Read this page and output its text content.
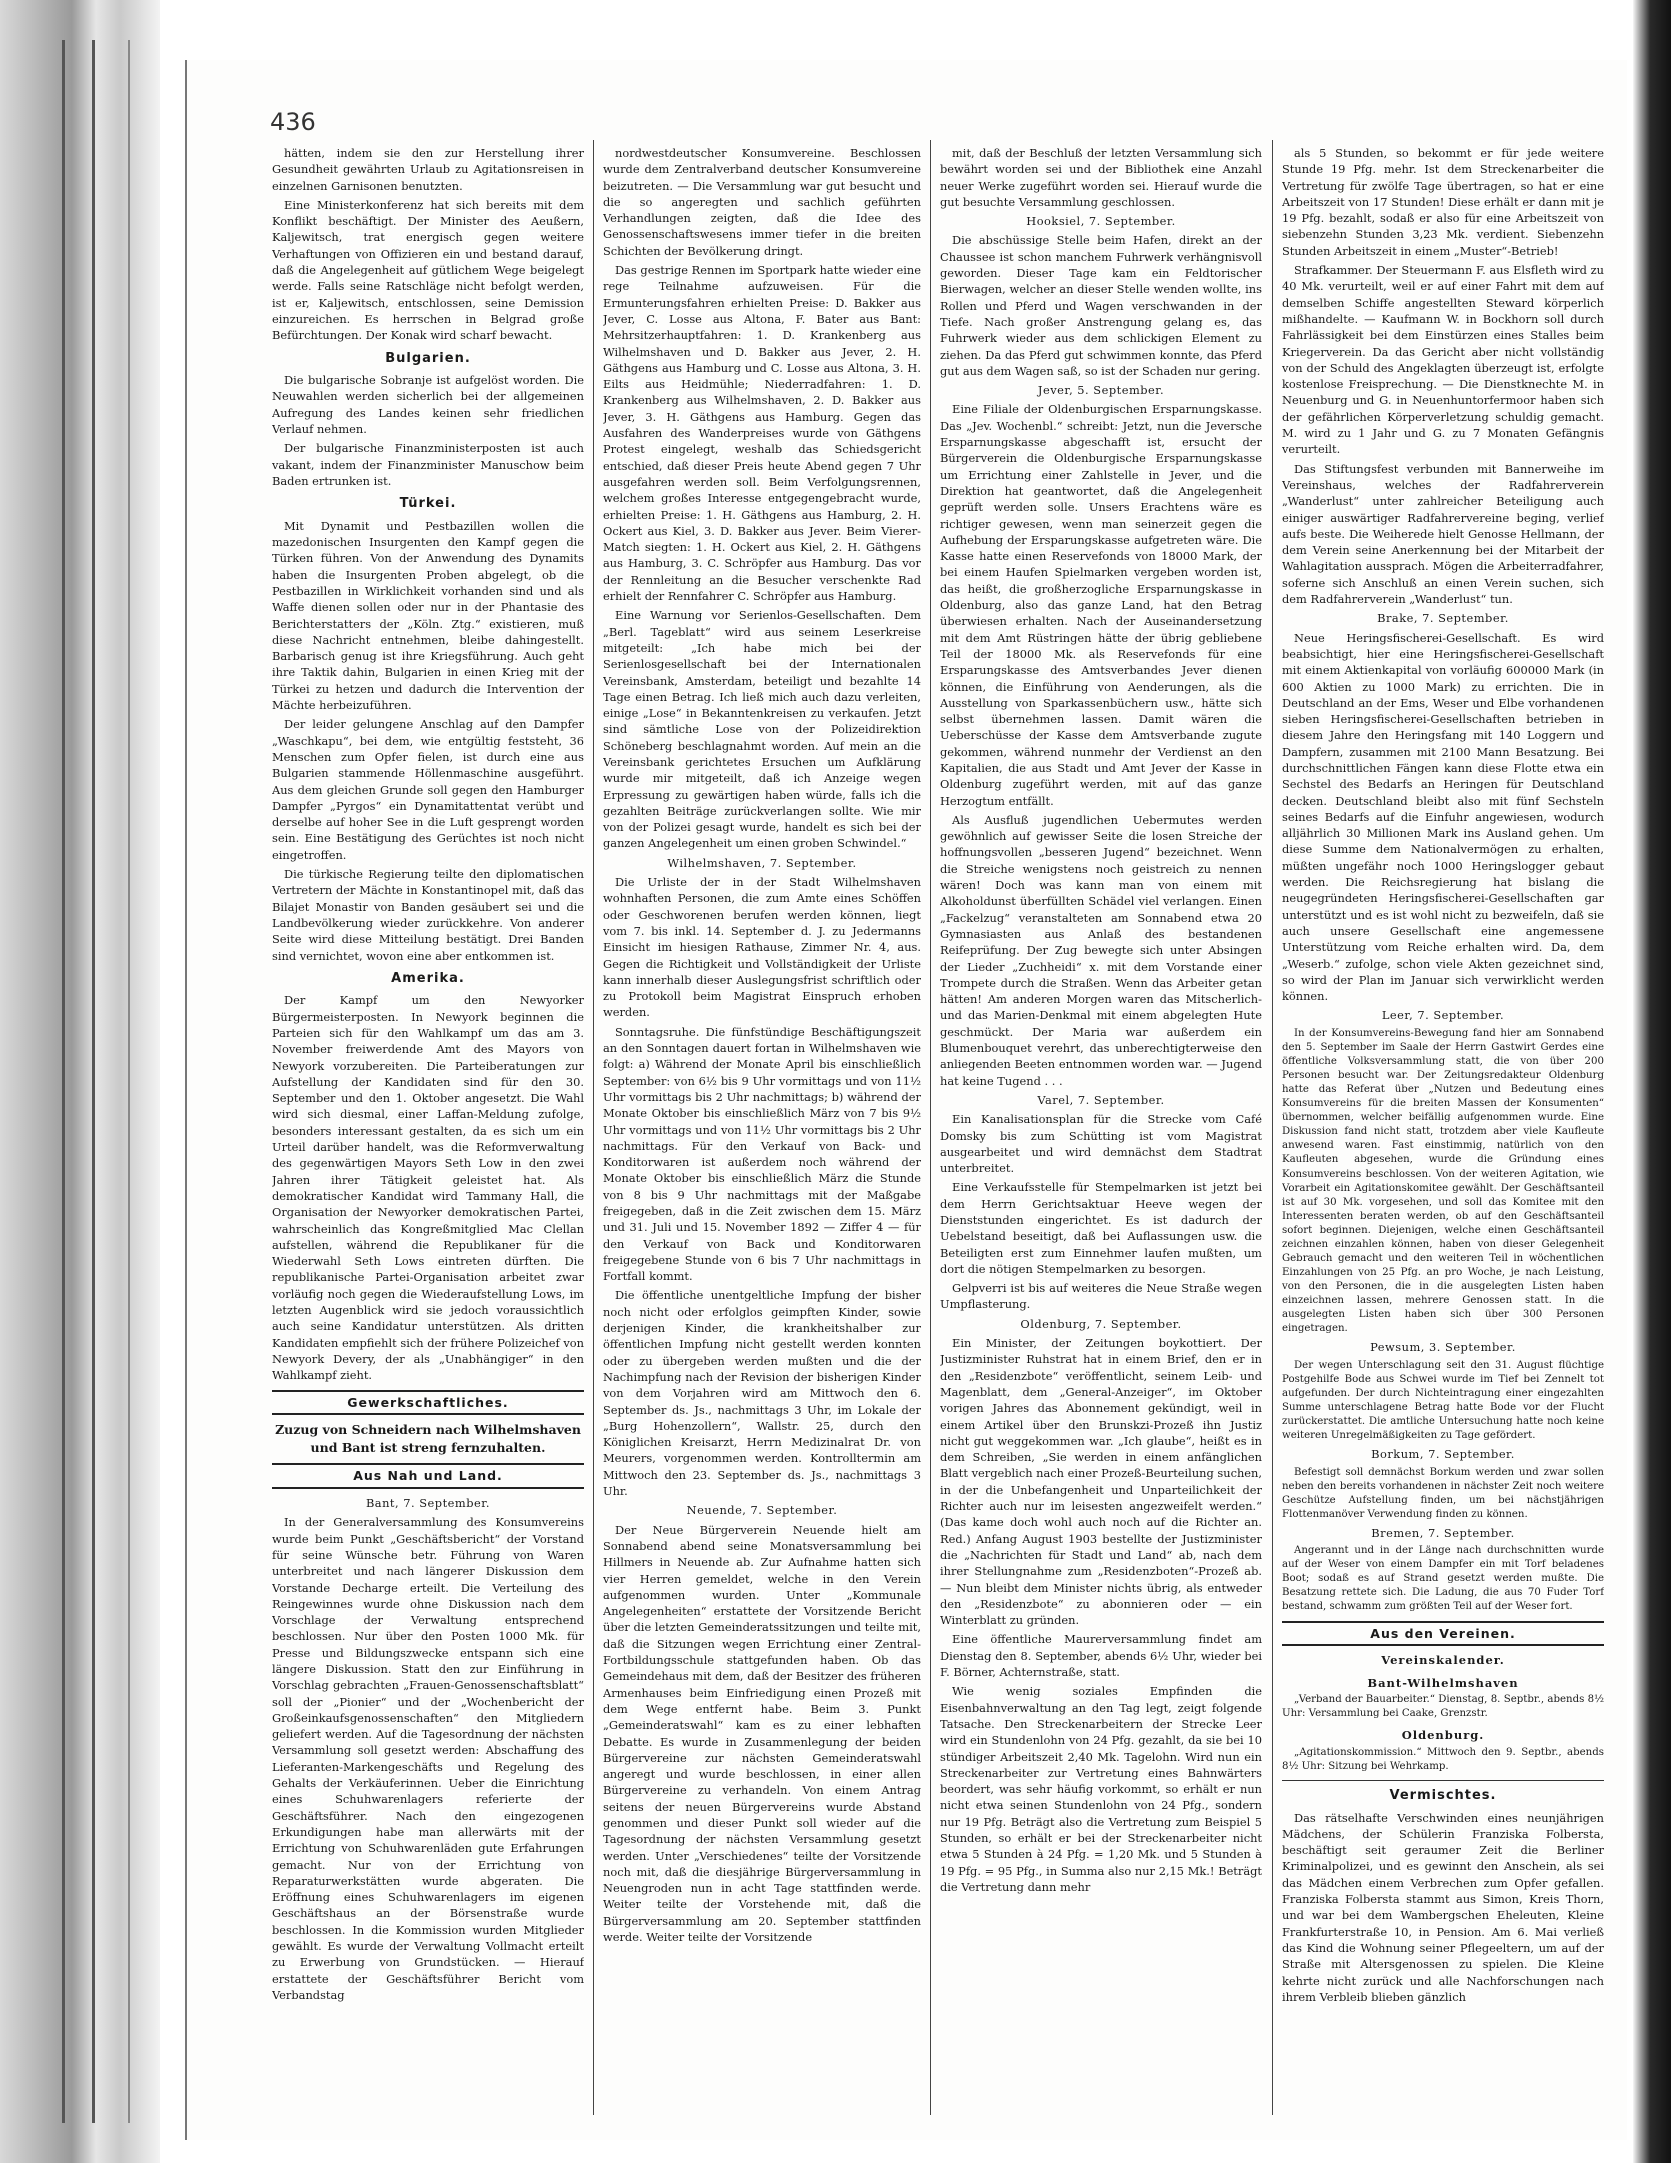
436

hätten, indem sie den zur Herstellung ihrer Gesundheit gewährten Urlaub zu Agitationsreisen in einzelnen Garnisonen benutzten.

Eine Ministerkonferenz hat sich bereits mit dem Konflikt beschäftigt. Der Minister des Aeußern, Kaljewitsch, trat energisch gegen weitere Verhaftungen von Offizieren ein und bestand darauf, daß die Angelegenheit auf gütlichem Wege beigelegt werde. Falls seine Ratschläge nicht befolgt werden, ist er, Kaljewitsch, entschlossen, seine Demission einzureichen. Es herrschen in Belgrad große Befürchtungen. Der Konak wird scharf bewacht.

Bulgarien.

Die bulgarische Sobranje ist aufgelöst worden. Die Neuwahlen werden sicherlich bei der allgemeinen Aufregung des Landes keinen sehr friedlichen Verlauf nehmen.

Der bulgarische Finanzministerposten ist auch vakant, indem der Finanzminister Manuschow beim Baden ertrunken ist.

Türkei.

Mit Dynamit und Pestbazillen wollen die mazedonischen Insurgenten den Kampf gegen die Türken führen. Von der Anwendung des Dynamits haben die Insurgenten Proben abgelegt, ob die Pestbazillen in Wirklichkeit vorhanden sind und als Waffe dienen sollen oder nur in der Phantasie des Berichterstatters der „Köln. Ztg.“ existieren, muß diese Nachricht entnehmen, bleibe dahingestellt. Barbarisch genug ist ihre Kriegsführung. Auch geht ihre Taktik dahin, Bulgarien in einen Krieg mit der Türkei zu hetzen und dadurch die Intervention der Mächte herbeizuführen.

Der leider gelungene Anschlag auf den Dampfer „Waschkapu“, bei dem, wie entgültig feststeht, 36 Menschen zum Opfer fielen, ist durch eine aus Bulgarien stammende Höllenmaschine ausgeführt. Aus dem gleichen Grunde soll gegen den Hamburger Dampfer „Pyrgos“ ein Dynamitattentat verübt und derselbe auf hoher See in die Luft gesprengt worden sein. Eine Bestätigung des Gerüchtes ist noch nicht eingetroffen.

Die türkische Regierung teilte den diplomatischen Vertretern der Mächte in Konstantinopel mit, daß das Bilajet Monastir von Banden gesäubert sei und die Landbevölkerung wieder zurückkehre. Von anderer Seite wird diese Mitteilung bestätigt. Drei Banden sind vernichtet, wovon eine aber entkommen ist.

Amerika.

Der Kampf um den Newyorker Bürgermeisterposten. In Newyork beginnen die Parteien sich für den Wahlkampf um das am 3. November freiwerdende Amt des Mayors von Newyork vorzubereiten. Die Parteiberatungen zur Aufstellung der Kandidaten sind für den 30. September und den 1. Oktober angesetzt. Die Wahl wird sich diesmal, einer Laffan-Meldung zufolge, besonders interessant gestalten, da es sich um ein Urteil darüber handelt, was die Reformverwaltung des gegenwärtigen Mayors Seth Low in den zwei Jahren ihrer Tätigkeit geleistet hat. Als demokratischer Kandidat wird Tammany Hall, die Organisation der Newyorker demokratischen Partei, wahrscheinlich das Kongreßmitglied Mac Clellan aufstellen, während die Republikaner für die Wiederwahl Seth Lows eintreten dürften. Die republikanische Partei-Organisation arbeitet zwar vorläufig noch gegen die Wiederaufstellung Lows, im letzten Augenblick wird sie jedoch voraussichtlich auch seine Kandidatur unterstützen. Als dritten Kandidaten empfiehlt sich der frühere Polizeichef von Newyork Devery, der als „Unabhängiger“ in den Wahlkampf zieht.

Gewerkschaftliches.

Zuzug von Schneidern nach Wilhelmshaven und Bant ist streng fernzuhalten.

Aus Nah und Land.

Bant, 7. September.

In der Generalversammlung des Konsumvereins wurde beim Punkt „Geschäftsbericht“ der Vorstand für seine Wünsche betr. Führung von Waren unterbreitet und nach längerer Diskussion dem Vorstande Decharge erteilt. Die Verteilung des Reingewinnes wurde ohne Diskussion nach dem Vorschlage der Verwaltung entsprechend beschlossen. Nur über den Posten 1000 Mk. für Presse und Bildungszwecke entspann sich eine längere Diskussion. Statt den zur Einführung in Vorschlag gebrachten „Frauen-Genossenschaftsblatt“ soll der „Pionier“ und der „Wochenbericht der Großeinkaufsgenossenschaften“ den Mitgliedern geliefert werden. Auf die Tagesordnung der nächsten Versammlung soll gesetzt werden: Abschaffung des Lieferanten-Markengeschäfts und Regelung des Gehalts der Verkäuferinnen. Ueber die Einrichtung eines Schuhwarenlagers referierte der Geschäftsführer. Nach den eingezogenen Erkundigungen habe man allerwärts mit der Errichtung von Schuhwarenläden gute Erfahrungen gemacht. Nur von der Errichtung von Reparaturwerkstätten wurde abgeraten. Die Eröffnung eines Schuhwarenlagers im eigenen Geschäftshaus an der Börsenstraße wurde beschlossen. In die Kommission wurden Mitglieder gewählt. Es wurde der Verwaltung Vollmacht erteilt zu Erwerbung von Grundstücken. — Hierauf erstattete der Geschäftsführer Bericht vom Verbandstag

nordwestdeutscher Konsumvereine. Beschlossen wurde dem Zentralverband deutscher Konsumvereine beizutreten. — Die Versammlung war gut besucht und die so angeregten und sachlich geführten Verhandlungen zeigten, daß die Idee des Genossenschaftswesens immer tiefer in die breiten Schichten der Bevölkerung dringt.

Das gestrige Rennen im Sportpark hatte wieder eine rege Teilnahme aufzuweisen. Für die Ermunterungsfahren erhielten Preise: D. Bakker aus Jever, C. Losse aus Altona, F. Bater aus Bant: Mehrsitzerhauptfahren: 1. D. Krankenberg aus Wilhelmshaven und D. Bakker aus Jever, 2. H. Gäthgens aus Hamburg und C. Losse aus Altona, 3. H. Eilts aus Heidmühle; Niederradfahren: 1. D. Krankenberg aus Wilhelmshaven, 2. D. Bakker aus Jever, 3. H. Gäthgens aus Hamburg. Gegen das Ausfahren des Wanderpreises wurde von Gäthgens Protest eingelegt, weshalb das Schiedsgericht entschied, daß dieser Preis heute Abend gegen 7 Uhr ausgefahren werden soll. Beim Verfolgungsrennen, welchem großes Interesse entgegengebracht wurde, erhielten Preise: 1. H. Gäthgens aus Hamburg, 2. H. Ockert aus Kiel, 3. D. Bakker aus Jever. Beim Vierer-Match siegten: 1. H. Ockert aus Kiel, 2. H. Gäthgens aus Hamburg, 3. C. Schröpfer aus Hamburg. Das vor der Rennleitung an die Besucher verschenkte Rad erhielt der Rennfahrer C. Schröpfer aus Hamburg.

Eine Warnung vor Serienlos-Gesellschaften. Dem „Berl. Tageblatt“ wird aus seinem Leserkreise mitgeteilt: „Ich habe mich bei der Serienlosgesellschaft bei der Internationalen Vereinsbank, Amsterdam, beteiligt und bezahlte 14 Tage einen Betrag. Ich ließ mich auch dazu verleiten, einige „Lose“ in Bekanntenkreisen zu verkaufen. Jetzt sind sämtliche Lose von der Polizeidirektion Schöneberg beschlagnahmt worden. Auf mein an die Vereinsbank gerichtetes Ersuchen um Aufklärung wurde mir mitgeteilt, daß ich Anzeige wegen Erpressung zu gewärtigen haben würde, falls ich die gezahlten Beiträge zurückverlangen sollte. Wie mir von der Polizei gesagt wurde, handelt es sich bei der ganzen Angelegenheit um einen groben Schwindel.“

Wilhelmshaven, 7. September.

Die Urliste der in der Stadt Wilhelmshaven wohnhaften Personen, die zum Amte eines Schöffen oder Geschworenen berufen werden können, liegt vom 7. bis inkl. 14. September d. J. zu Jedermanns Einsicht im hiesigen Rathause, Zimmer Nr. 4, aus. Gegen die Richtigkeit und Vollständigkeit der Urliste kann innerhalb dieser Auslegungsfrist schriftlich oder zu Protokoll beim Magistrat Einspruch erhoben werden.

Sonntagsruhe. Die fünfstündige Beschäftigungszeit an den Sonntagen dauert fortan in Wilhelmshaven wie folgt: a) Während der Monate April bis einschließlich September: von 6½ bis 9 Uhr vormittags und von 11½ Uhr vormittags bis 2 Uhr nachmittags; b) während der Monate Oktober bis einschließlich März von 7 bis 9½ Uhr vormittags und von 11½ Uhr vormittags bis 2 Uhr nachmittags. Für den Verkauf von Back- und Konditorwaren ist außerdem noch während der Monate Oktober bis einschließlich März die Stunde von 8 bis 9 Uhr nachmittags mit der Maßgabe freigegeben, daß in die Zeit zwischen dem 15. März und 31. Juli und 15. November 1892 — Ziffer 4 — für den Verkauf von Back und Konditorwaren freigegebene Stunde von 6 bis 7 Uhr nachmittags in Fortfall kommt.

Die öffentliche unentgeltliche Impfung der bisher noch nicht oder erfolglos geimpften Kinder, sowie derjenigen Kinder, die krankheitshalber zur öffentlichen Impfung nicht gestellt werden konnten oder zu übergeben werden mußten und die der Nachimpfung nach der Revision der bisherigen Kinder von dem Vorjahren wird am Mittwoch den 6. September ds. Js., nachmittags 3 Uhr, im Lokale der „Burg Hohenzollern“, Wallstr. 25, durch den Königlichen Kreisarzt, Herrn Medizinalrat Dr. von Meurers, vorgenommen werden. Kontrolltermin am Mittwoch den 23. September ds. Js., nachmittags 3 Uhr.

Neuende, 7. September.

Der Neue Bürgerverein Neuende hielt am Sonnabend abend seine Monatsversammlung bei Hillmers in Neuende ab. Zur Aufnahme hatten sich vier Herren gemeldet, welche in den Verein aufgenommen wurden. Unter „Kommunale Angelegenheiten“ erstattete der Vorsitzende Bericht über die letzten Gemeinderatssitzungen und teilte mit, daß die Sitzungen wegen Errichtung einer Zentral-Fortbildungsschule stattgefunden haben. Ob das Gemeindehaus mit dem, daß der Besitzer des früheren Armenhauses beim Einfriedigung einen Prozeß mit dem Wege entfernt habe. Beim 3. Punkt „Gemeinderatswahl“ kam es zu einer lebhaften Debatte. Es wurde in Zusammenlegung der beiden Bürgervereine zur nächsten Gemeinderatswahl angeregt und wurde beschlossen, in einer allen Bürgervereine zu verhandeln. Von einem Antrag seitens der neuen Bürgervereins wurde Abstand genommen und dieser Punkt soll wieder auf die Tagesordnung der nächsten Versammlung gesetzt werden. Unter „Verschiedenes“ teilte der Vorsitzende noch mit, daß die diesjährige Bürgerversammlung in Neuengroden nun in acht Tage stattfinden werde. Weiter teilte der Vorstehende mit, daß die Bürgerversammlung am 20. September stattfinden werde. Weiter teilte der Vorsitzende

mit, daß der Beschluß der letzten Versammlung sich bewährt worden sei und der Bibliothek eine Anzahl neuer Werke zugeführt worden sei. Hierauf wurde die gut besuchte Versammlung geschlossen.

Hooksiel, 7. September.

Die abschüssige Stelle beim Hafen, direkt an der Chaussee ist schon manchem Fuhrwerk verhängnisvoll geworden. Dieser Tage kam ein Feldtorischer Bierwagen, welcher an dieser Stelle wenden wollte, ins Rollen und Pferd und Wagen verschwanden in der Tiefe. Nach großer Anstrengung gelang es, das Fuhrwerk wieder aus dem schlickigen Element zu ziehen. Da das Pferd gut schwimmen konnte, das Pferd gut aus dem Wagen saß, so ist der Schaden nur gering.

Jever, 5. September.

Eine Filiale der Oldenburgischen Ersparnungskasse. Das „Jev. Wochenbl.“ schreibt: Jetzt, nun die Jeversche Ersparnungskasse abgeschafft ist, ersucht der Bürgerverein die Oldenburgische Ersparnungskasse um Errichtung einer Zahlstelle in Jever, und die Direktion hat geantwortet, daß die Angelegenheit geprüft werden solle. Unsers Erachtens wäre es richtiger gewesen, wenn man seinerzeit gegen die Aufhebung der Ersparungskasse aufgetreten wäre. Die Kasse hatte einen Reservefonds von 18000 Mark, der bei einem Haufen Spielmarken vergeben worden ist, das heißt, die großherzogliche Ersparnungskasse in Oldenburg, also das ganze Land, hat den Betrag überwiesen erhalten. Nach der Auseinandersetzung mit dem Amt Rüstringen hätte der übrig gebliebene Teil der 18000 Mk. als Reservefonds für eine Ersparungskasse des Amtsverbandes Jever dienen können, die Einführung von Aenderungen, als die Ausstellung von Sparkassenbüchern usw., hätte sich selbst übernehmen lassen. Damit wären die Ueberschüsse der Kasse dem Amtsverbande zugute gekommen, während nunmehr der Verdienst an den Kapitalien, die aus Stadt und Amt Jever der Kasse in Oldenburg zugeführt werden, mit auf das ganze Herzogtum entfällt.

Als Ausfluß jugendlichen Uebermutes werden gewöhnlich auf gewisser Seite die losen Streiche der hoffnungsvollen „besseren Jugend“ bezeichnet. Wenn die Streiche wenigstens noch geistreich zu nennen wären! Doch was kann man von einem mit Alkoholdunst überfüllten Schädel viel verlangen. Einen „Fackelzug“ veranstalteten am Sonnabend etwa 20 Gymnasiasten aus Anlaß des bestandenen Reifeprüfung. Der Zug bewegte sich unter Absingen der Lieder „Zuchheidi“ x. mit dem Vorstande einer Trompete durch die Straßen. Wenn das Arbeiter getan hätten! Am anderen Morgen waren das Mitscherlich- und das Marien-Denkmal mit einem abgelegten Hute geschmückt. Der Maria war außerdem ein Blumenbouquet verehrt, das unberechtigterweise den anliegenden Beeten entnommen worden war. — Jugend hat keine Tugend . . .

Varel, 7. September.

Ein Kanalisationsplan für die Strecke vom Café Domsky bis zum Schütting ist vom Magistrat ausgearbeitet und wird demnächst dem Stadtrat unterbreitet.

Eine Verkaufsstelle für Stempelmarken ist jetzt bei dem Herrn Gerichtsaktuar Heeve wegen der Dienststunden eingerichtet. Es ist dadurch der Uebelstand beseitigt, daß bei Auflassungen usw. die Beteiligten erst zum Einnehmer laufen mußten, um dort die nötigen Stempelmarken zu besorgen.

Gelpverri ist bis auf weiteres die Neue Straße wegen Umpflasterung.

Oldenburg, 7. September.

Ein Minister, der Zeitungen boykottiert. Der Justizminister Ruhstrat hat in einem Brief, den er in den „Residenzbote“ veröffentlicht, seinem Leib- und Magenblatt, dem „General-Anzeiger“, im Oktober vorigen Jahres das Abonnement gekündigt, weil in einem Artikel über den Brunskzi-Prozeß ihn Justiz nicht gut weggekommen war. „Ich glaube“, heißt es in dem Schreiben, „Sie werden in einem anfänglichen Blatt vergeblich nach einer Prozeß-Beurteilung suchen, in der die Unbefangenheit und Unparteilichkeit der Richter auch nur im leisesten angezweifelt werden.“ (Das kame doch wohl auch noch auf die Richter an. Red.) Anfang August 1903 bestellte der Justizminister die „Nachrichten für Stadt und Land“ ab, nach dem ihrer Stellungnahme zum „Residenzboten“-Prozeß ab. — Nun bleibt dem Minister nichts übrig, als entweder den „Residenzbote“ zu abonnieren oder — ein Winterblatt zu gründen.

Eine öffentliche Maurerversammlung findet am Dienstag den 8. September, abends 6½ Uhr, wieder bei F. Börner, Achternstraße, statt.

Wie wenig soziales Empfinden die Eisenbahnverwaltung an den Tag legt, zeigt folgende Tatsache. Den Streckenarbeitern der Strecke Leer wird ein Stundenlohn von 24 Pfg. gezahlt, da sie bei 10 stündiger Arbeitszeit 2,40 Mk. Tagelohn. Wird nun ein Streckenarbeiter zur Vertretung eines Bahnwärters beordert, was sehr häufig vorkommt, so erhält er nun nicht etwa seinen Stundenlohn von 24 Pfg., sondern nur 19 Pfg. Beträgt also die Vertretung zum Beispiel 5 Stunden, so erhält er bei der Streckenarbeiter nicht etwa 5 Stunden à 24 Pfg. = 1,20 Mk. und 5 Stunden à 19 Pfg. = 95 Pfg., in Summa also nur 2,15 Mk.! Beträgt die Vertretung dann mehr

als 5 Stunden, so bekommt er für jede weitere Stunde 19 Pfg. mehr. Ist dem Streckenarbeiter die Vertretung für zwölfe Tage übertragen, so hat er eine Arbeitszeit von 17 Stunden! Diese erhält er dann mit je 19 Pfg. bezahlt, sodaß er also für eine Arbeitszeit von siebenzehn Stunden 3,23 Mk. verdient. Siebenzehn Stunden Arbeitszeit in einem „Muster“-Betrieb!

Strafkammer. Der Steuermann F. aus Elsfleth wird zu 40 Mk. verurteilt, weil er auf einer Fahrt mit dem auf demselben Schiffe angestellten Steward körperlich mißhandelte. — Kaufmann W. in Bockhorn soll durch Fahrlässigkeit bei dem Einstürzen eines Stalles beim Kriegerverein. Da das Gericht aber nicht vollständig von der Schuld des Angeklagten überzeugt ist, erfolgte kostenlose Freisprechung. — Die Dienstknechte M. in Neuenburg und G. in Neuenhuntorfermoor haben sich der gefährlichen Körperverletzung schuldig gemacht. M. wird zu 1 Jahr und G. zu 7 Monaten Gefängnis verurteilt.

Das Stiftungsfest verbunden mit Bannerweihe im Vereinshaus, welches der Radfahrerverein „Wanderlust“ unter zahlreicher Beteiligung auch einiger auswärtiger Radfahrervereine beging, verlief aufs beste. Die Weiherede hielt Genosse Hellmann, der dem Verein seine Anerkennung bei der Mitarbeit der Wahlagitation aussprach. Mögen die Arbeiterradfahrer, soferne sich Anschluß an einen Verein suchen, sich dem Radfahrerverein „Wanderlust“ tun.

Brake, 7. September.

Neue Heringsfischerei-Gesellschaft. Es wird beabsichtigt, hier eine Heringsfischerei-Gesellschaft mit einem Aktienkapital von vorläufig 600000 Mark (in 600 Aktien zu 1000 Mark) zu errichten. Die in Deutschland an der Ems, Weser und Elbe vorhandenen sieben Heringsfischerei-Gesellschaften betrieben in diesem Jahre den Heringsfang mit 140 Loggern und Dampfern, zusammen mit 2100 Mann Besatzung. Bei durchschnittlichen Fängen kann diese Flotte etwa ein Sechstel des Bedarfs an Heringen für Deutschland decken. Deutschland bleibt also mit fünf Sechsteln seines Bedarfs auf die Einfuhr angewiesen, wodurch alljährlich 30 Millionen Mark ins Ausland gehen. Um diese Summe dem Nationalvermögen zu erhalten, müßten ungefähr noch 1000 Heringslogger gebaut werden. Die Reichsregierung hat bislang die neugegründeten Heringsfischerei-Gesellschaften gar unterstützt und es ist wohl nicht zu bezweifeln, daß sie auch unsere Gesellschaft eine angemessene Unterstützung vom Reiche erhalten wird. Da, dem „Weserb.“ zufolge, schon viele Akten gezeichnet sind, so wird der Plan im Januar sich verwirklicht werden können.

Leer, 7. September.

In der Konsumvereins-Bewegung fand hier am Sonnabend den 5. September im Saale der Herrn Gastwirt Gerdes eine öffentliche Volksversammlung statt, die von über 200 Personen besucht war. Der Zeitungsredakteur Oldenburg hatte das Referat über „Nutzen und Bedeutung eines Konsumvereins für die breiten Massen der Konsumenten“ übernommen, welcher beifällig aufgenommen wurde. Eine Diskussion fand nicht statt, trotzdem aber viele Kaufleute anwesend waren. Fast einstimmig, natürlich von den Kaufleuten abgesehen, wurde die Gründung eines Konsumvereins beschlossen. Von der weiteren Agitation, wie Vorarbeit ein Agitationskomitee gewählt. Der Geschäftsanteil ist auf 30 Mk. vorgesehen, und soll das Komitee mit den Interessenten beraten werden, ob auf den Geschäftsanteil sofort beginnen. Diejenigen, welche einen Geschäftsanteil zeichnen einzahlen können, haben von dieser Gelegenheit Gebrauch gemacht und den weiteren Teil in wöchentlichen Einzahlungen von 25 Pfg. an pro Woche, je nach Leistung, von den Personen, die in die ausgelegten Listen haben einzeichnen lassen, mehrere Genossen statt. In die ausgelegten Listen haben sich über 300 Personen eingetragen.

Pewsum, 3. September.

Der wegen Unterschlagung seit den 31. August flüchtige Postgehilfe Bode aus Schwei wurde im Tief bei Zennelt tot aufgefunden. Der durch Nichteintragung einer eingezahlten Summe unterschlagene Betrag hatte Bode vor der Flucht zurückerstattet. Die amtliche Untersuchung hatte noch keine weiteren Unregelmäßigkeiten zu Tage gefördert.

Borkum, 7. September.

Befestigt soll demnächst Borkum werden und zwar sollen neben den bereits vorhandenen in nächster Zeit noch weitere Geschütze Aufstellung finden, um bei nächstjährigen Flottenmanöver Verwendung finden zu können.

Bremen, 7. September.

Angerannt und in der Länge nach durchschnitten wurde auf der Weser von einem Dampfer ein mit Torf beladenes Boot; sodaß es auf Strand gesetzt werden mußte. Die Besatzung rettete sich. Die Ladung, die aus 70 Fuder Torf bestand, schwamm zum größten Teil auf der Weser fort.

Aus den Vereinen.
Vereinskalender.
Bant-Wilhelmshaven

„Verband der Bauarbeiter.“ Dienstag, 8. Septbr., abends 8½ Uhr: Versammlung bei Caake, Grenzstr.

Oldenburg.

„Agitationskommission.“ Mittwoch den 9. Septbr., abends 8½ Uhr: Sitzung bei Wehrkamp.

Vermischtes.

Das rätselhafte Verschwinden eines neunjährigen Mädchens, der Schülerin Franziska Folbersta, beschäftigt seit geraumer Zeit die Berliner Kriminalpolizei, und es gewinnt den Anschein, als sei das Mädchen einem Verbrechen zum Opfer gefallen. Franziska Folbersta stammt aus Simon, Kreis Thorn, und war bei dem Wambergschen Eheleuten, Kleine Frankfurterstraße 10, in Pension. Am 6. Mai verließ das Kind die Wohnung seiner Pflegeeltern, um auf der Straße mit Altersgenossen zu spielen. Die Kleine kehrte nicht zurück und alle Nachforschungen nach ihrem Verbleib blieben gänzlich
